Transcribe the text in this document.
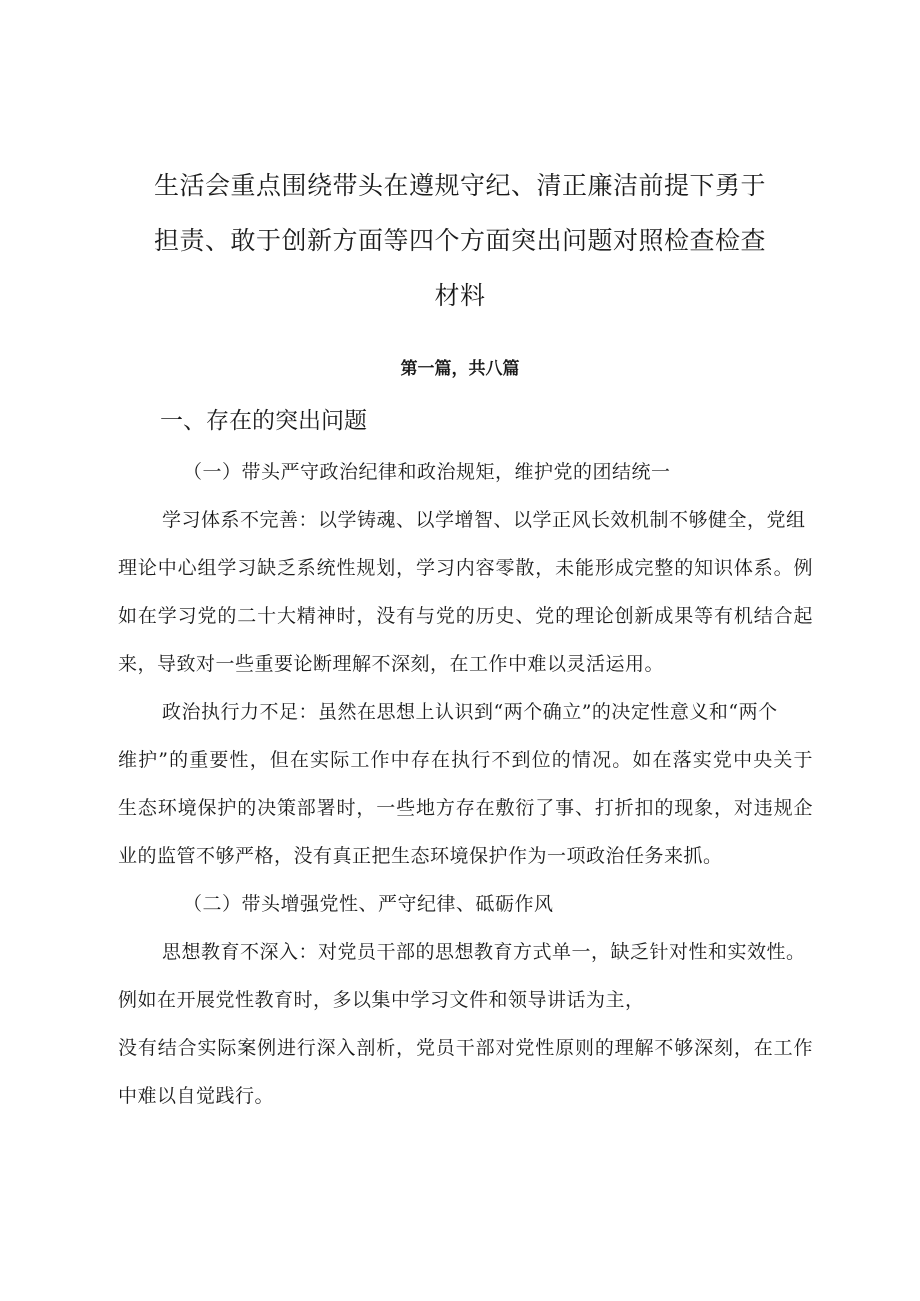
生活会重点围绕带头在遵规守纪、清正廉洁前提下勇于
担责、敢于创新方面等四个方面突出问题对照检查检查
材料

第一篇，共八篇

一、存在的突出问题

（一）带头严守政治纪律和政治规矩，维护党的团结统一

学习体系不完善：以学铸魂、以学增智、以学正风长效机制不够健全，党组
理论中心组学习缺乏系统性规划，学习内容零散，未能形成完整的知识体系。例
如在学习党的二十大精神时，没有与党的历史、党的理论创新成果等有机结合起
来，导致对一些重要论断理解不深刻，在工作中难以灵活运用。
政治执行力不足：虽然在思想上认识到“两个确立”的决定性意义和“两个
维护”的重要性，但在实际工作中存在执行不到位的情况。如在落实党中央关于
生态环境保护的决策部署时，一些地方存在敷衍了事、打折扣的现象，对违规企
业的监管不够严格，没有真正把生态环境保护作为一项政治任务来抓。

（二）带头增强党性、严守纪律、砥砺作风

思想教育不深入：对党员干部的思想教育方式单一，缺乏针对性和实效性。
例如在开展党性教育时，多以集中学习文件和领导讲话为主，
没有结合实际案例进行深入剖析，党员干部对党性原则的理解不够深刻，在工作
中难以自觉践行。
